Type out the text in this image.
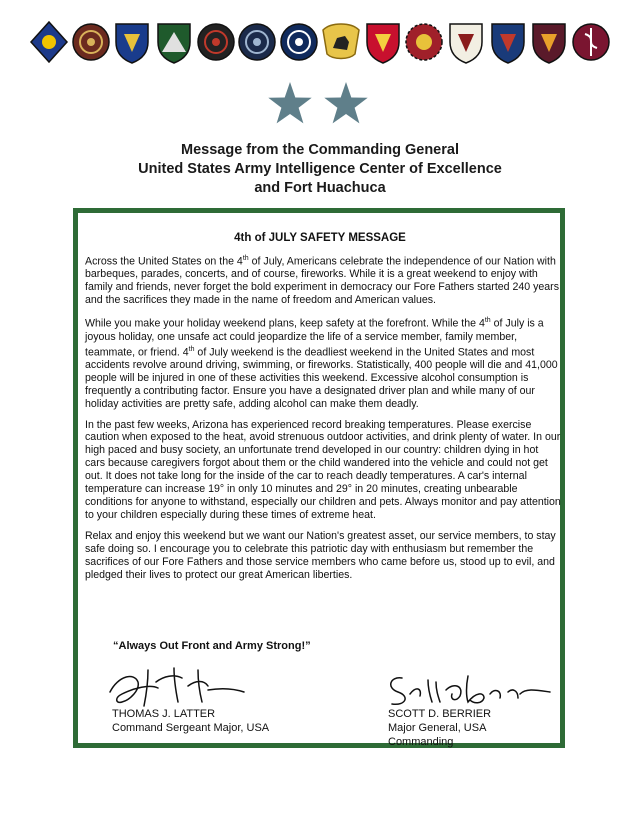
Message from the Commanding General
United States Army Intelligence Center of Excellence
and Fort Huachuca
4th of JULY SAFETY MESSAGE

Across the United States on the 4th of July, Americans celebrate the independence of our Nation with barbeques, parades, concerts, and of course, fireworks. While it is a great weekend to enjoy with family and friends, never forget the bold experiment in democracy our Fore Fathers started 240 years and the sacrifices they made in the name of freedom and American values.

While you make your holiday weekend plans, keep safety at the forefront. While the 4th of July is a joyous holiday, one unsafe act could jeopardize the life of a service member, family member, teammate, or friend. 4th of July weekend is the deadliest weekend in the United States and most accidents revolve around driving, swimming, or fireworks. Statistically, 400 people will die and 41,000 people will be injured in one of these activities this weekend. Excessive alcohol consumption is frequently a contributing factor. Ensure you have a designated driver plan and while many of our holiday activities are pretty safe, adding alcohol can make them deadly.

In the past few weeks, Arizona has experienced record breaking temperatures. Please exercise caution when exposed to the heat, avoid strenuous outdoor activities, and drink plenty of water. In our high paced and busy society, an unfortunate trend developed in our country: children dying in hot cars because caregivers forgot about them or the child wandered into the vehicle and could not get out. It does not take long for the inside of the car to reach deadly temperatures. A car's internal temperature can increase 19° in only 10 minutes and 29° in 20 minutes, creating unbearable conditions for anyone to withstand, especially our children and pets. Always monitor and pay attention to your children especially during these times of extreme heat.

Relax and enjoy this weekend but we want our Nation's greatest asset, our service members, to stay safe doing so. I encourage you to celebrate this patriotic day with enthusiasm but remember the sacrifices of our Fore Fathers and those service members who came before us, stood up to evil, and pledged their lives to protect our great American liberties.

“Always Out Front and Army Strong!”
THOMAS J. LATTER
Command Sergeant Major, USA
SCOTT D. BERRIER
Major General, USA
Commanding
